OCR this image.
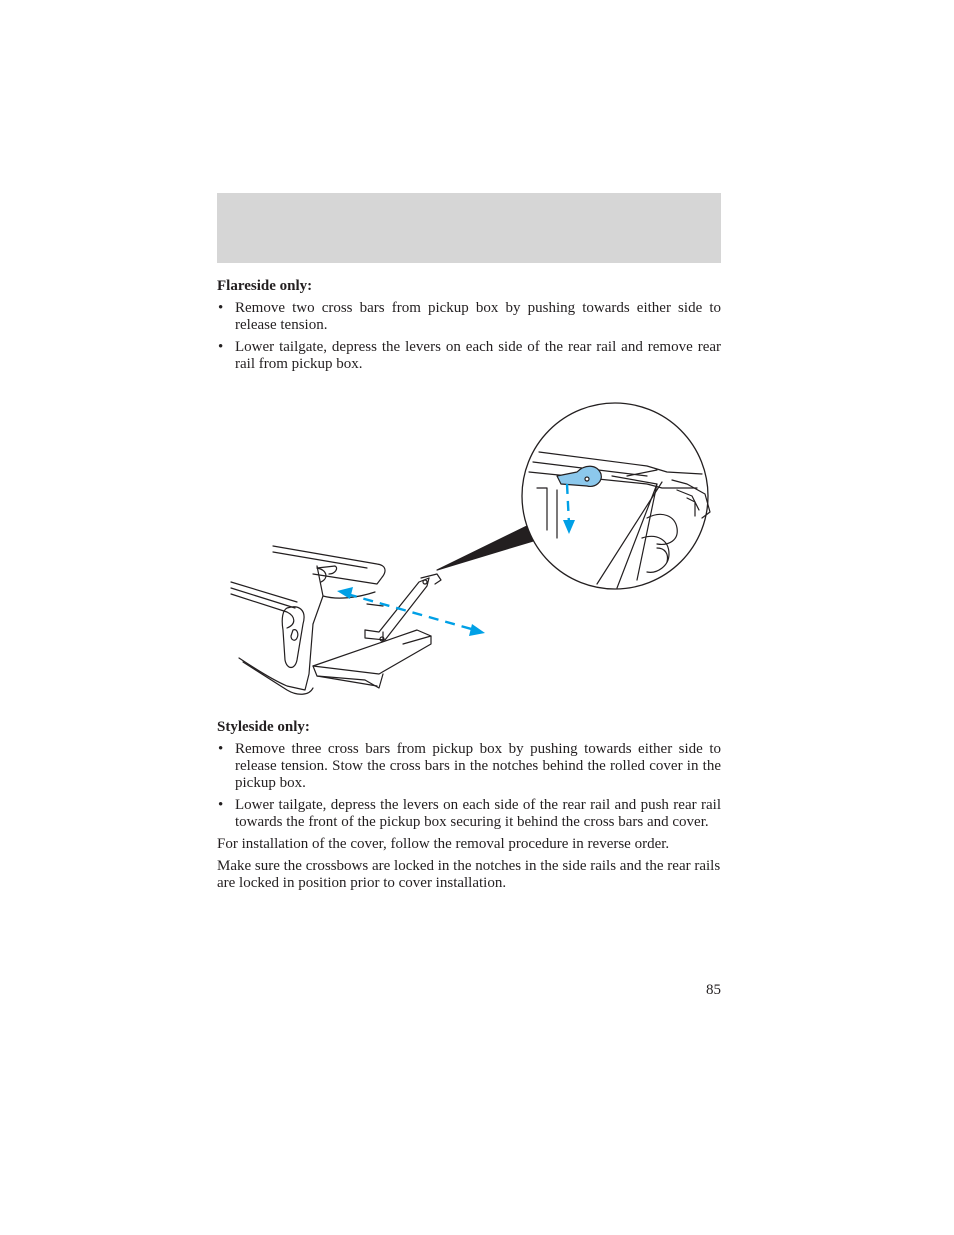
Flareside only:

• Remove two cross bars from pickup box by pushing towards either side to release tension.
• Lower tailgate, depress the levers on each side of the rear rail and remove rear rail from pickup box.

Styleside only:

• Remove three cross bars from pickup box by pushing towards either side to release tension. Stow the cross bars in the notches behind the rolled cover in the pickup box.
• Lower tailgate, depress the levers on each side of the rear rail and push rear rail towards the front of the pickup box securing it behind the cross bars and cover.

For installation of the cover, follow the removal procedure in reverse order.

Make sure the crossbows are locked in the notches in the side rails and the rear rails are locked in position prior to cover installation.

85
